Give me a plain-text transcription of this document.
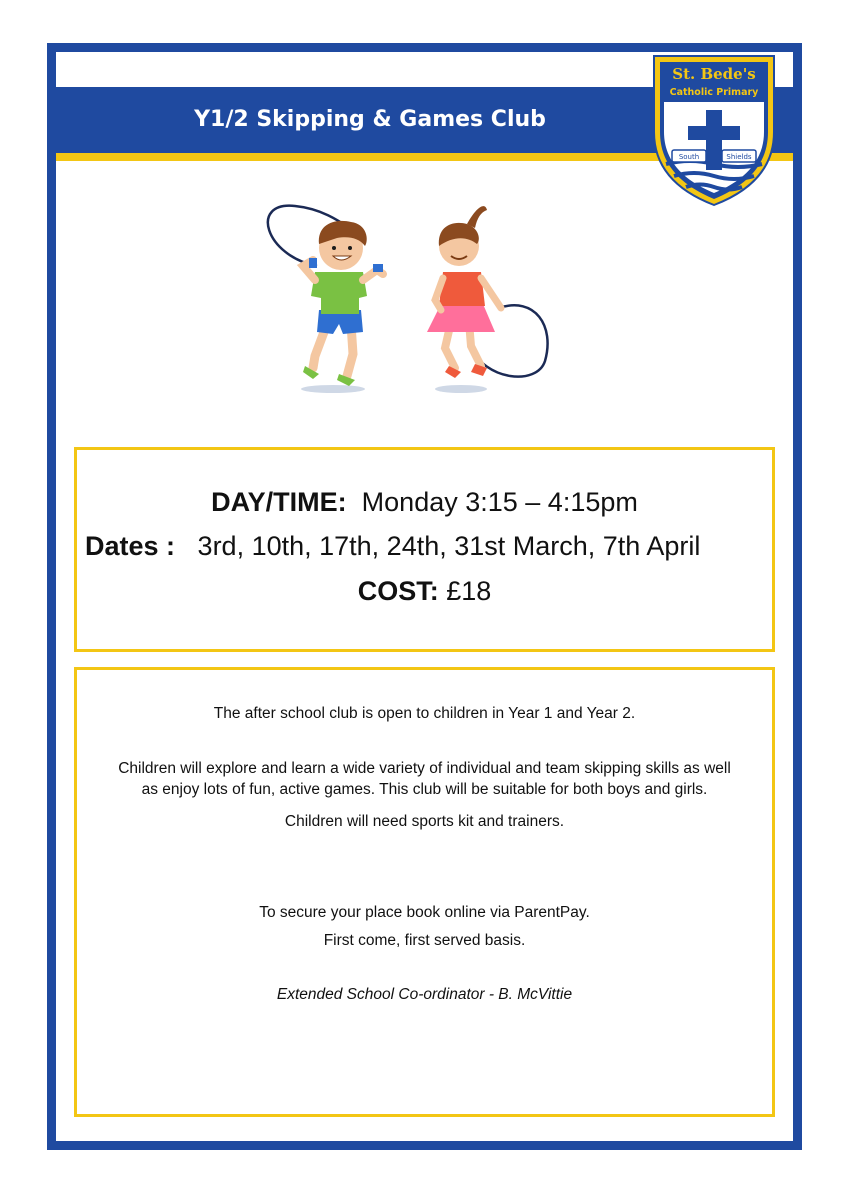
Y1/2 Skipping & Games Club
St. Bede's
Catholic Primary
South	Shields
DAY/TIME: Monday 3:15 – 4:15pm
Dates : 3rd, 10th, 17th, 24th, 31st March, 7th April
COST: £18
The after school club is open to children in Year 1 and Year 2.
Children will explore and learn a wide variety of individual and team skipping skills as well
as enjoy lots of fun, active games. This club will be suitable for both boys and girls.
Children will need sports kit and trainers.
To secure your place book online via ParentPay.
First come, first served basis.
Extended School Co-ordinator - B. McVittie
